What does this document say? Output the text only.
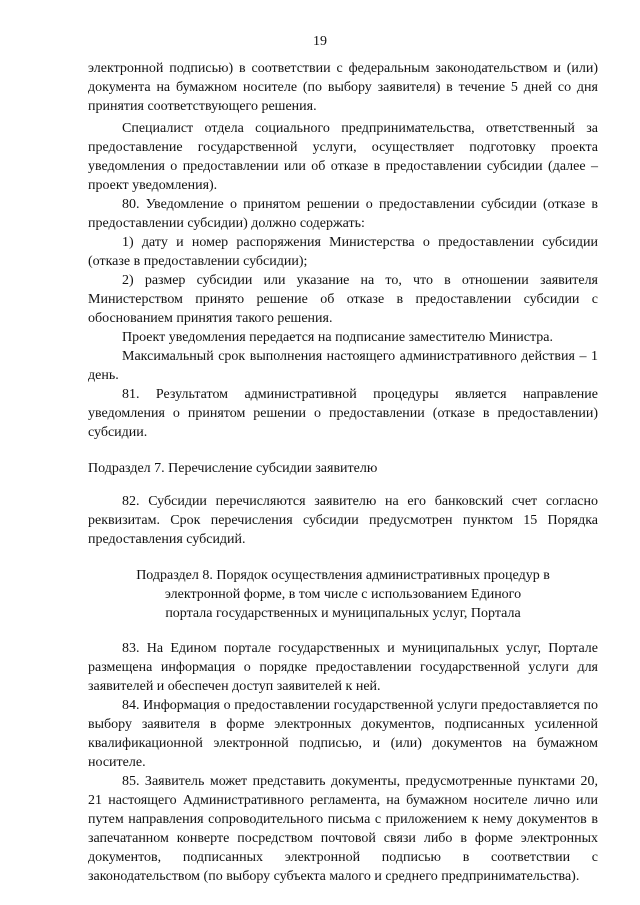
19

электронной подписью) в соответствии с федеральным законодательством и (или) документа на бумажном носителе (по выбору заявителя) в течение 5 дней со дня принятия соответствующего решения.

Специалист отдела социального предпринимательства, ответственный за предоставление государственной услуги, осуществляет подготовку проекта уведомления о предоставлении или об отказе в предоставлении субсидии (далее – проект уведомления).

80. Уведомление о принятом решении о предоставлении субсидии (отказе в предоставлении субсидии) должно содержать:

1) дату и номер распоряжения Министерства о предоставлении субсидии (отказе в предоставлении субсидии);

2) размер субсидии или указание на то, что в отношении заявителя Министерством принято решение об отказе в предоставлении субсидии с обоснованием принятия такого решения.

Проект уведомления передается на подписание заместителю Министра.

Максимальный срок выполнения настоящего административного действия – 1 день.

81. Результатом административной процедуры является направление уведомления о принятом решении о предоставлении (отказе в предоставлении) субсидии.

Подраздел 7. Перечисление субсидии заявителю

82. Субсидии перечисляются заявителю на его банковский счет согласно реквизитам. Срок перечисления субсидии предусмотрен пунктом 15 Порядка предоставления субсидий.

Подраздел 8. Порядок осуществления административных процедур в
электронной форме, в том числе с использованием Единого
портала государственных и муниципальных услуг, Портала

83. На Едином портале государственных и муниципальных услуг, Портале размещена информация о порядке предоставлении государственной услуги для заявителей и обеспечен доступ заявителей к ней.

84. Информация о предоставлении государственной услуги предоставляется по выбору заявителя в форме электронных документов, подписанных усиленной квалификационной электронной подписью, и (или) документов на бумажном носителе.

85. Заявитель может представить документы, предусмотренные пунктами 20, 21 настоящего Административного регламента, на бумажном носителе лично или путем направления сопроводительного письма с приложением к нему документов в запечатанном конверте посредством почтовой связи либо в форме электронных документов, подписанных электронной подписью в соответствии с законодательством (по выбору субъекта малого и среднего предпринимательства).
